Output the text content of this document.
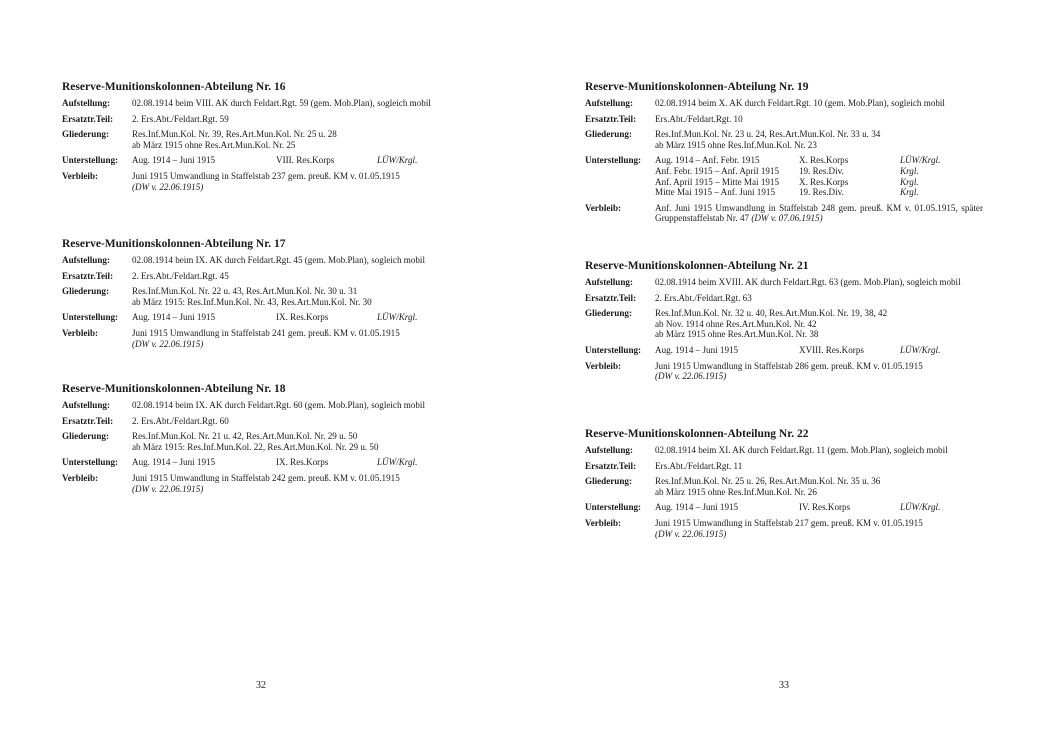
Reserve-Munitionskolonnen-Abteilung Nr. 16
Aufstellung:	02.08.1914 beim VIII. AK durch Feldart.Rgt. 59 (gem. Mob.Plan), sogleich mobil
Ersatztr.Teil:	2. Ers.Abt./Feldart.Rgt. 59
Gliederung:	Res.Inf.Mun.Kol. Nr. 39, Res.Art.Mun.Kol. Nr. 25 u. 28
ab März 1915 ohne Res.Art.Mun.Kol. Nr. 25
Unterstellung:	Aug. 1914 – Juni 1915	VIII. Res.Korps	LÜW/Krgl.
Verbleib:	Juni 1915 Umwandlung in Staffelstab 237 gem. preuß. KM v. 01.05.1915
(DW v. 22.06.1915)
Reserve-Munitionskolonnen-Abteilung Nr. 17
Aufstellung:	02.08.1914 beim IX. AK durch Feldart.Rgt. 45 (gem. Mob.Plan), sogleich mobil
Ersatztr.Teil:	2. Ers.Abt./Feldart.Rgt. 45
Gliederung:	Res.Inf.Mun.Kol. Nr. 22 u. 43, Res.Art.Mun.Kol. Nr. 30 u. 31
ab März 1915: Res.Inf.Mun.Kol. Nr. 43, Res.Art.Mun.Kol. Nr. 30
Unterstellung:	Aug. 1914 – Juni 1915	IX. Res.Korps	LÜW/Krgl.
Verbleib:	Juni 1915 Umwandlung in Staffelstab 241 gem. preuß. KM v. 01.05.1915
(DW v. 22.06.1915)
Reserve-Munitionskolonnen-Abteilung Nr. 18
Aufstellung:	02.08.1914 beim IX. AK durch Feldart.Rgt. 60 (gem. Mob.Plan), sogleich mobil
Ersatztr.Teil:	2. Ers.Abt./Feldart.Rgt. 60
Gliederung:	Res.Inf.Mun.Kol. Nr. 21 u. 42, Res.Art.Mun.Kol. Nr. 29 u. 50
ab März 1915: Res.Inf.Mun.Kol. 22, Res.Art.Mun.Kol. Nr. 29 u. 50
Unterstellung:	Aug. 1914 – Juni 1915	IX. Res.Korps	LÜW/Krgl.
Verbleib:	Juni 1915 Umwandlung in Staffelstab 242 gem. preuß. KM v. 01.05.1915
(DW v. 22.06.1915)
32
Reserve-Munitionskolonnen-Abteilung Nr. 19
Aufstellung:	02.08.1914 beim X. AK durch Feldart.Rgt. 10 (gem. Mob.Plan), sogleich mobil
Ersatztr.Teil:	Ers.Abt./Feldart.Rgt. 10
Gliederung:	Res.Inf.Mun.Kol. Nr. 23 u. 24, Res.Art.Mun.Kol. Nr. 33 u. 34
ab März 1915 ohne Res.Inf.Mun.Kol. Nr. 23
Unterstellung:	Aug. 1914 – Anf. Febr. 1915	X. Res.Korps	LÜW/Krgl.
Anf. Febr. 1915 – Anf. April 1915	19. Res.Div.	Krgl.
Anf. April 1915 – Mitte Mai 1915	X. Res.Korps	Krgl.
Mitte Mai 1915 – Anf. Juni 1915	19. Res.Div.	Krgl.
Verbleib:	Anf. Juni 1915 Umwandlung in Staffelstab 248 gem. preuß. KM v. 01.05.1915, später Gruppenstaffelstab Nr. 47 (DW v. 07.06.1915)
Reserve-Munitionskolonnen-Abteilung Nr. 21
Aufstellung:	02.08.1914 beim XVIII. AK durch Feldart.Rgt. 63 (gem. Mob.Plan), sogleich mobil
Ersatztr.Teil:	2. Ers.Abt./Feldart.Rgt. 63
Gliederung:	Res.Inf.Mun.Kol. Nr. 32 u. 40, Res.Art.Mun.Kol. Nr. 19, 38, 42
ab Nov. 1914 ohne Res.Art.Mun.Kol. Nr. 42
ab März 1915 ohne Res.Art.Mun.Kol. Nr. 38
Unterstellung:	Aug. 1914 – Juni 1915	XVIII. Res.Korps	LÜW/Krgl.
Verbleib:	Juni 1915 Umwandlung in Staffelstab 286 gem. preuß. KM v. 01.05.1915
(DW v. 22.06.1915)
Reserve-Munitionskolonnen-Abteilung Nr. 22
Aufstellung:	02.08.1914 beim XI. AK durch Feldart.Rgt. 11 (gem. Mob.Plan), sogleich mobil
Ersatztr.Teil:	Ers.Abt./Feldart.Rgt. 11
Gliederung:	Res.Inf.Mun.Kol. Nr. 25 u. 26, Res.Art.Mun.Kol. Nr. 35 u. 36
ab März 1915 ohne Res.Inf.Mun.Kol. Nr. 26
Unterstellung:	Aug. 1914 – Juni 1915	IV. Res.Korps	LÜW/Krgl.
Verbleib:	Juni 1915 Umwandlung in Staffelstab 217 gem. preuß. KM v. 01.05.1915
(DW v. 22.06.1915)
33
